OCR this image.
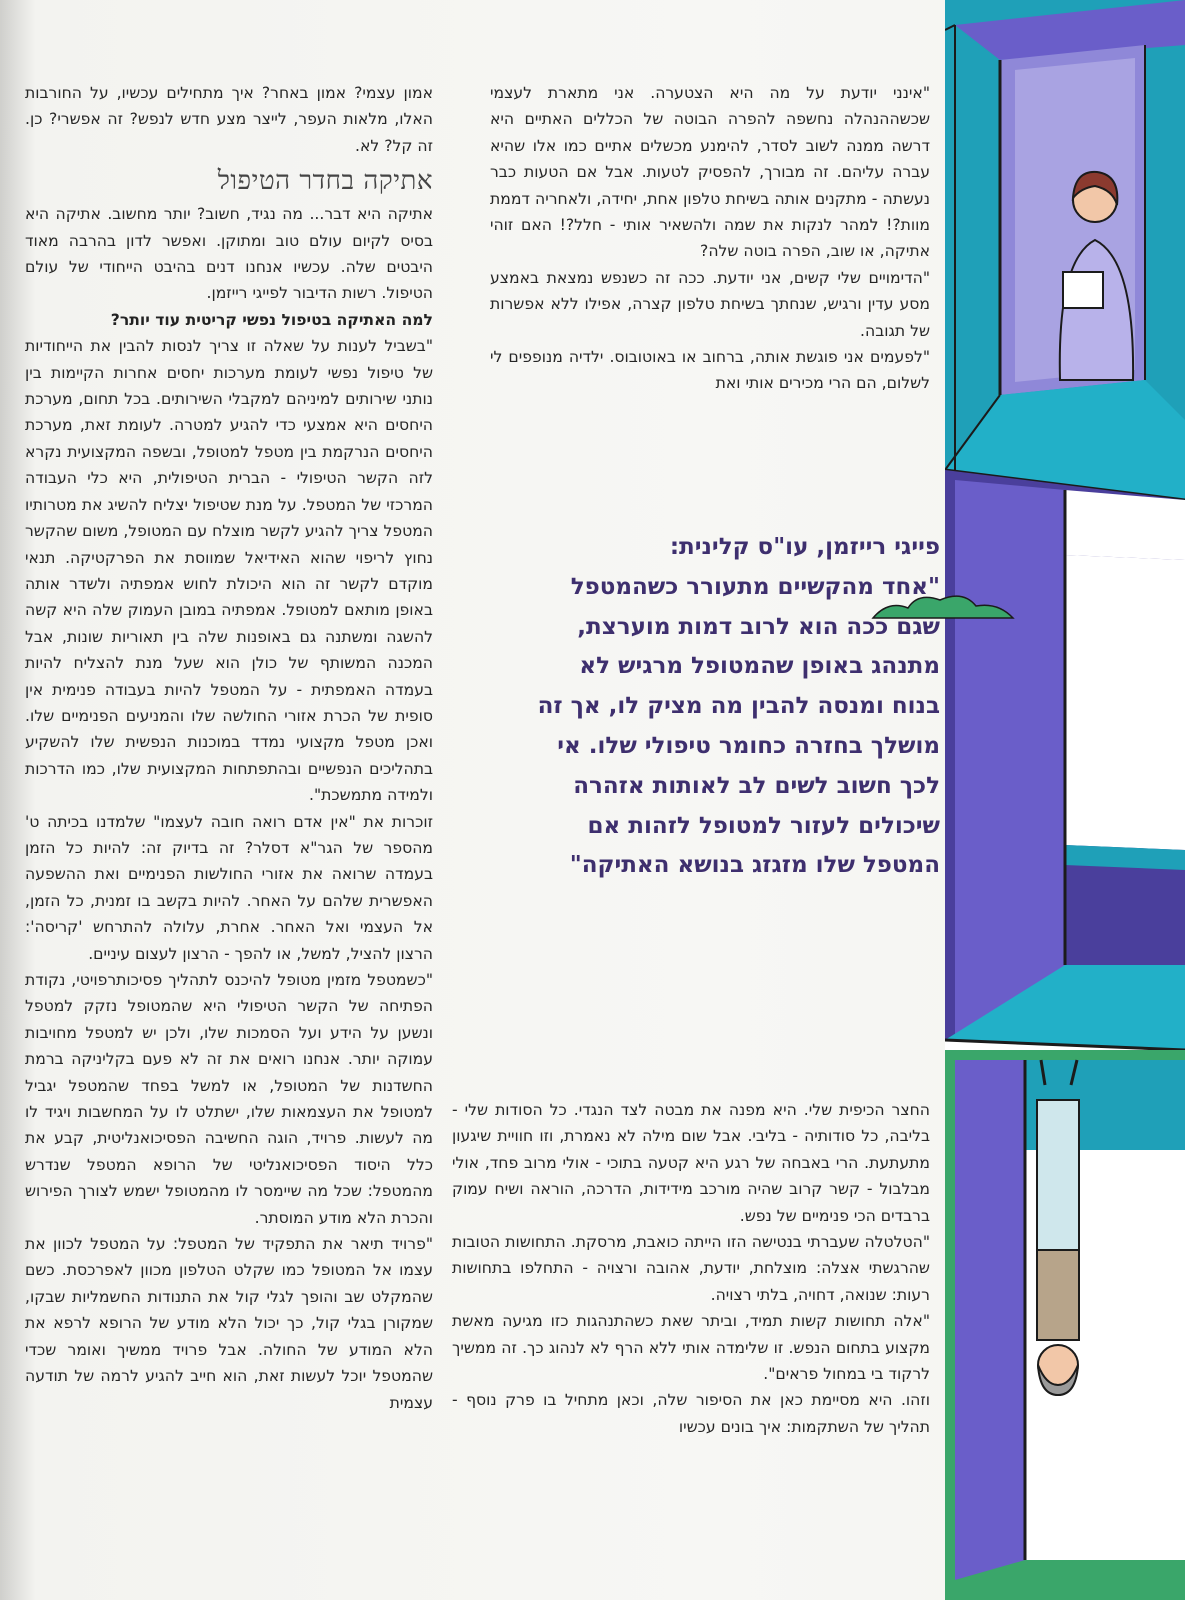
"אינני יודעת על מה היא הצטערה. אני מתארת לעצמי שכשההנהלה נחשפה להפרה הבוטה של הכללים האתיים היא דרשה ממנה לשוב לסדר, להימנע מכשלים אתיים כמו אלו שהיא עברה עליהם. זה מבורך, להפסיק לטעות. אבל אם הטעות כבר נעשתה - מתקנים אותה בשיחת טלפון אחת, יחידה, ולאחריה דממת מוות?! למהר לנקות את שמה ולהשאיר אותי - חלל?! האם זוהי אתיקה, או שוב, הפרה בוטה שלה?

"הדימויים שלי קשים, אני יודעת. ככה זה כשנפש נמצאת באמצע מסע עדין ורגיש, שנחתך בשיחת טלפון קצרה, אפילו ללא אפשרות של תגובה.

"לפעמים אני פוגשת אותה, ברחוב או באוטובוס. ילדיה מנופפים לי לשלום, הם הרי מכירים אותי ואת

פייגי רייזמן, עו"ס קלינית:
"אחד מהקשיים מתעורר כשהמטפל שגם ככה הוא לרוב דמות מוערצת, מתנהג באופן שהמטופל מרגיש לא בנוח ומנסה להבין מה מציק לו, אך זה מושלך בחזרה כחומר טיפולי שלו. אי לכך חשוב לשים לב לאותות אזהרה שיכולים לעזור למטופל לזהות אם המטפל שלו מזגזג בנושא האתיקה"

החצר הכיפית שלי. היא מפנה את מבטה לצד הנגדי. כל הסודות שלי - בליבה, כל סודותיה - בליבי. אבל שום מילה לא נאמרת, וזו חוויית שיגעון מתעתעת. הרי באבחה של רגע היא קטעה בתוכי - אולי מרוב פחד, אולי מבלבול - קשר קרוב שהיה מורכב מידידות, הדרכה, הוראה ושיח עמוק ברבדים הכי פנימיים של נפש.

"הטלטלה שעברתי בנטישה הזו הייתה כואבת, מרסקת. התחושות הטובות שהרגשתי אצלה: מוצלחת, יודעת, אהובה ורצויה - התחלפו בתחושות רעות: שנואה, דחויה, בלתי רצויה.

"אלה תחושות קשות תמיד, וביתר שאת כשהתנהגות כזו מגיעה מאשת מקצוע בתחום הנפש. זו שלימדה אותי ללא הרף לא לנהוג כך. זה ממשיך לרקוד בי במחול פראים".

וזהו. היא מסיימת כאן את הסיפור שלה, וכאן מתחיל בו פרק נוסף - תהליך של השתקמות: איך בונים עכשיו

אמון עצמי? אמון באחר? איך מתחילים עכשיו, על החורבות האלו, מלאות העפר, לייצר מצע חדש לנפש? זה אפשרי? כן. זה קל? לא.

אתיקה בחדר הטיפול

אתיקה היא דבר... מה נגיד, חשוב? יותר מחשוב. אתיקה היא בסיס לקיום עולם טוב ומתוקן. ואפשר לדון בהרבה מאוד היבטים שלה. עכשיו אנחנו דנים בהיבט הייחודי של עולם הטיפול. רשות הדיבור לפייגי רייזמן.

למה האתיקה בטיפול נפשי קריטית עוד יותר?

"בשביל לענות על שאלה זו צריך לנסות להבין את הייחודיות של טיפול נפשי לעומת מערכות יחסים אחרות הקיימות בין נותני שירותים למיניהם למקבלי השירותים. בכל תחום, מערכת היחסים היא אמצעי כדי להגיע למטרה. לעומת זאת, מערכת היחסים הנרקמת בין מטפל למטופל, ובשפה המקצועית נקרא לזה הקשר הטיפולי - הברית הטיפולית, היא כלי העבודה המרכזי של המטפל. על מנת שטיפול יצליח להשיג את מטרותיו המטפל צריך להגיע לקשר מוצלח עם המטופל, משום שהקשר נחוץ לריפוי שהוא האידיאל שמווסת את הפרקטיקה. תנאי מוקדם לקשר זה הוא היכולת לחוש אמפתיה ולשדר אותה באופן מותאם למטופל. אמפתיה במובן העמוק שלה היא קשה להשגה ומשתנה גם באופנות שלה בין תאוריות שונות, אבל המכנה המשותף של כולן הוא שעל מנת להצליח להיות בעמדה האמפתית - על המטפל להיות בעבודה פנימית אין סופית של הכרת אזורי החולשה שלו והמניעים הפנימיים שלו. ואכן מטפל מקצועי נמדד במוכנות הנפשית שלו להשקיע בתהליכים הנפשיים ובהתפתחות המקצועית שלו, כמו הדרכות ולמידה מתמשכת".

זוכרות את "אין אדם רואה חובה לעצמו" שלמדנו בכיתה ט' מהספר של הגר"א דסלר? זה בדיוק זה: להיות כל הזמן בעמדה שרואה את אזורי החולשות הפנימיים ואת ההשפעה האפשרית שלהם על האחר. להיות בקשב בו זמנית, כל הזמן, אל העצמי ואל האחר. אחרת, עלולה להתרחש 'קריסה': הרצון להציל, למשל, או להפך - הרצון לעצום עיניים.

"כשמטפל מזמין מטופל להיכנס לתהליך פסיכותרפויטי, נקודת הפתיחה של הקשר הטיפולי היא שהמטופל נזקק למטפל ונשען על הידע ועל הסמכות שלו, ולכן יש למטפל מחויבות עמוקה יותר. אנחנו רואים את זה לא פעם בקליניקה ברמת החשדנות של המטופל, או למשל בפחד שהמטפל יגביל למטופל את העצמאות שלו, ישתלט לו על המחשבות ויגיד לו מה לעשות. פרויד, הוגה החשיבה הפסיכואנליטית, קבע את כלל היסוד הפסיכואנליטי של הרופא המטפל שנדרש מהמטפל: שכל מה שיימסר לו מהמטופל ישמש לצורך הפירוש והכרת הלא מודע המוסתר.

"פרויד תיאר את התפקיד של המטפל: על המטפל לכוון את עצמו אל המטופל כמו שקלט הטלפון מכוון לאפרכסת. כשם שהמקלט שב והופך לגלי קול את התנודות החשמליות שבקו, שמקורן בגלי קול, כך יכול הלא מודע של הרופא לרפא את הלא המודע של החולה. אבל פרויד ממשיך ואומר שכדי שהמטפל יוכל לעשות זאת, הוא חייב להגיע לרמה של תודעה עצמית
